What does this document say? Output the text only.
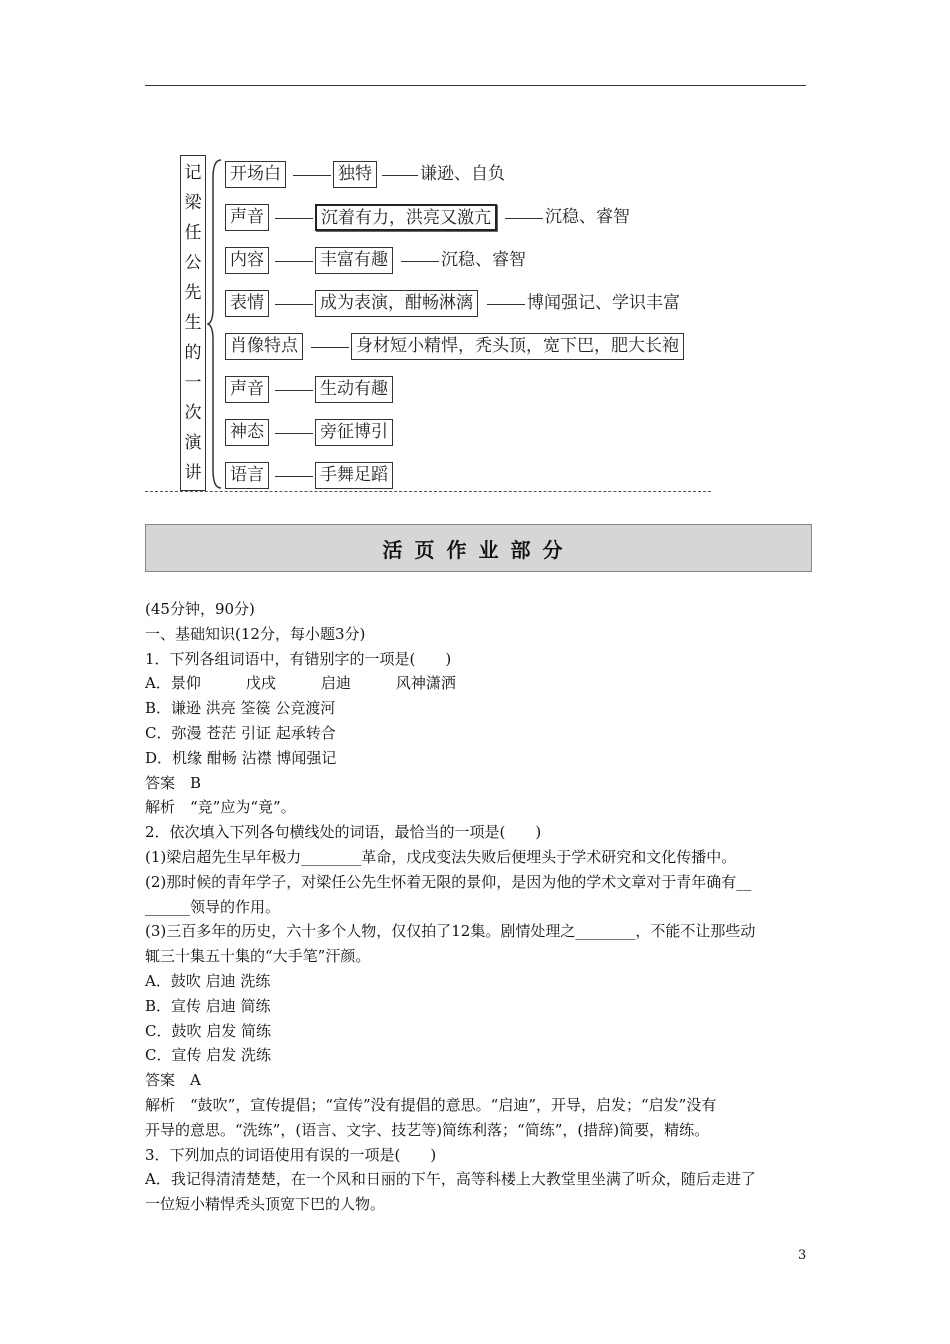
记
梁
任
公
先
生
的
一
次
演
讲
开场白	独特	谦逊、自负
声音	沉着有力，洪亮又激亢	沉稳、睿智
内容	丰富有趣	沉稳、睿智
表情	成为表演，酣畅淋漓	博闻强记、学识丰富
肖像特点	身材短小精悍，秃头顶，宽下巴，肥大长袍
声音	生动有趣
神态	旁征博引
语言	手舞足蹈
活页作业部分

(45分钟，90分)

一、基础知识(12分，每小题3分)

1．下列各组词语中，有错别字的一项是(　　)

A．景仰　　　戊戌　　　启迪　　　风神潇洒

B．谦逊 洪亮 筌篌 公竞渡河

C．弥漫 苍茫 引证 起承转合

D．机缘 酣畅 沾襟 博闻强记

答案　B

解析　“竞”应为“竟”。

2．依次填入下列各句横线处的词语，最恰当的一项是(　　)

(1)梁启超先生早年极力________革命，戊戌变法失败后便埋头于学术研究和文化传播中。

(2)那时候的青年学子，对梁任公先生怀着无限的景仰，是因为他的学术文章对于青年确有__

______领导的作用。

(3)三百多年的历史，六十多个人物，仅仅拍了12集。剧情处理之________，不能不让那些动

辄三十集五十集的“大手笔”汗颜。

A．鼓吹 启迪 洗练

B．宣传 启迪 简练

C．鼓吹 启发 简练

C．宣传 启发 洗练

答案　A

解析　“鼓吹”，宣传提倡；“宣传”没有提倡的意思。“启迪”，开导，启发；“启发”没有

开导的意思。“洗练”，(语言、文字、技艺等)简练利落；“简练”，(措辞)简要，精练。

3．下列加点的词语使用有误的一项是(　　)

A．我记得清清楚楚，在一个风和日丽的下午，高等科楼上大教堂里坐满了听众，随后走进了

一位短小精悍秃头顶宽下巴的人物。

3
